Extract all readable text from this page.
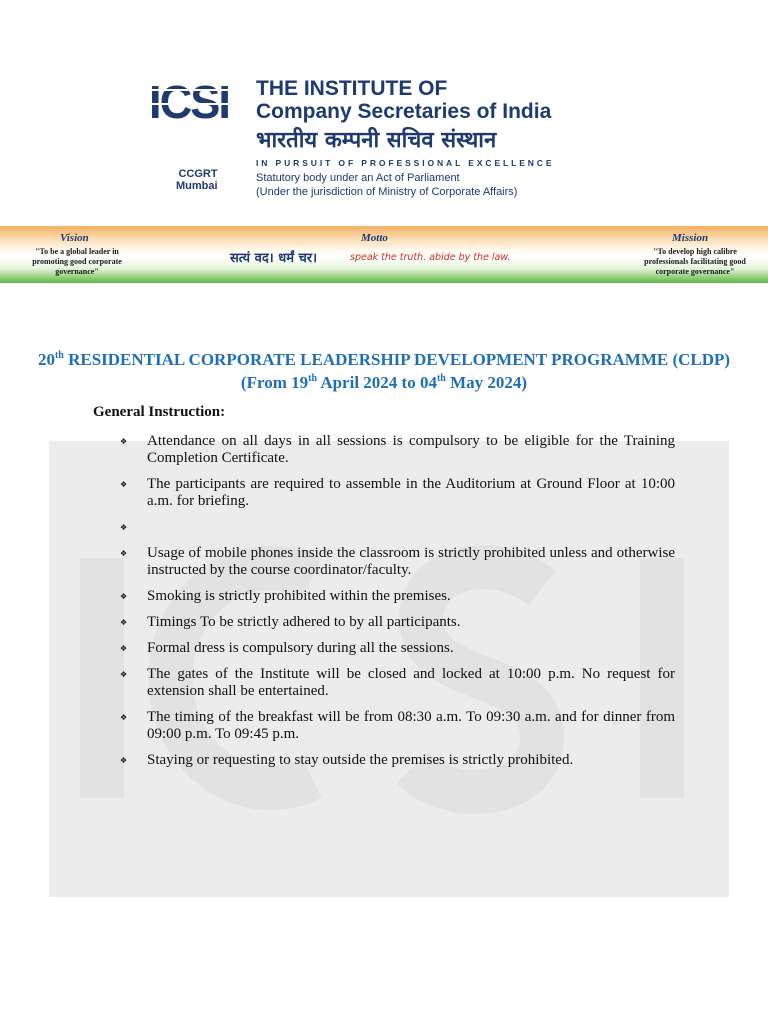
ICSI
CCGRT
Mumbai
THE INSTITUTE OF
Company Secretaries of India
भारतीय कम्पनी सचिव संस्थान
IN PURSUIT OF PROFESSIONAL EXCELLENCE
Statutory body under an Act of Parliament
(Under the jurisdiction of Ministry of Corporate Affairs)
Vision
"To be a global leader in promoting good corporate governance"
Motto
सत्यं वद। धर्मं चर।	speak the truth. abide by the law.
Mission
"To develop high calibre professionals facilitating good corporate governance"
20th RESIDENTIAL CORPORATE LEADERSHIP DEVELOPMENT PROGRAMME (CLDP)
(From 19th April 2024 to 04th May 2024)
General Instruction:
❖ Attendance on all days in all sessions is compulsory to be eligible for the Training Completion Certificate.
❖ The participants are required to assemble in the Auditorium at Ground Floor at 10:00 a.m. for briefing.
❖
❖ Usage of mobile phones inside the classroom is strictly prohibited unless and otherwise instructed by the course coordinator/faculty.
❖ Smoking is strictly prohibited within the premises.
❖ Timings To be strictly adhered to by all participants.
❖ Formal dress is compulsory during all the sessions.
❖ The gates of the Institute will be closed and locked at 10:00 p.m. No request for extension shall be entertained.
❖ The timing of the breakfast will be from 08:30 a.m. To 09:30 a.m. and for dinner from 09:00 p.m. To 09:45 p.m.
❖ Staying or requesting to stay outside the premises is strictly prohibited.
